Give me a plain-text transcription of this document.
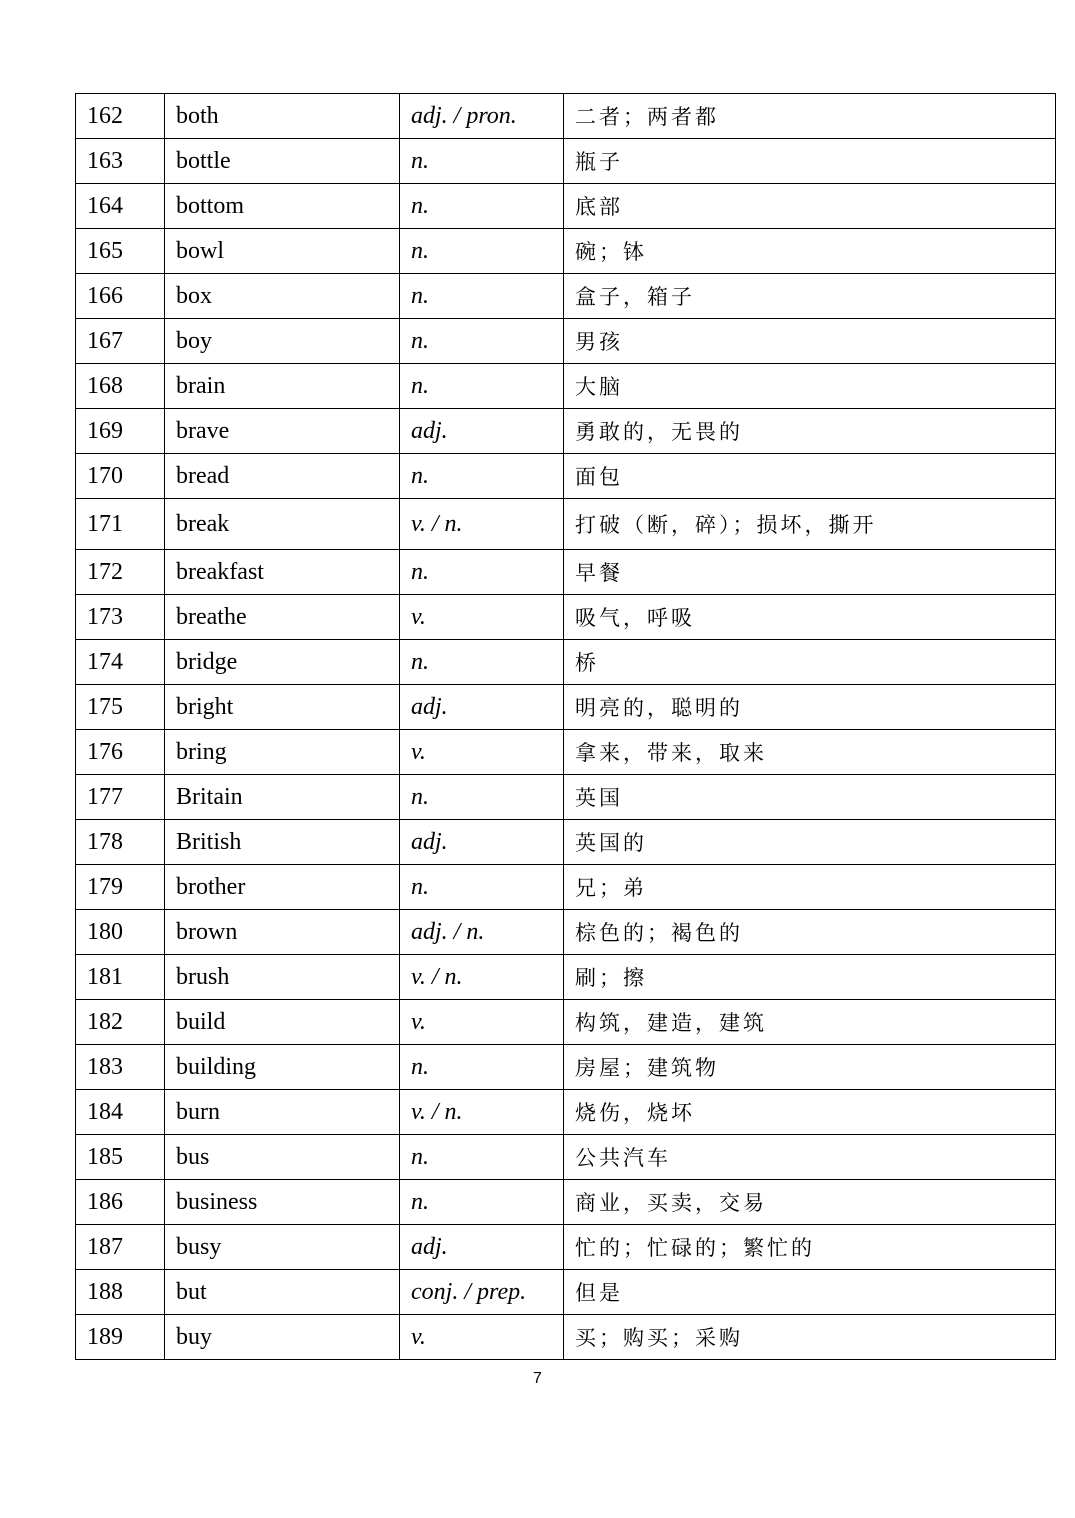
162	both	adj. / pron.	二者；两者都
163	bottle	n.	瓶子
164	bottom	n.	底部
165	bowl	n.	碗；钵
166	box	n.	盒子，箱子
167	boy	n.	男孩
168	brain	n.	大脑
169	brave	adj.	勇敢的，无畏的
170	bread	n.	面包
171	break	v. / n.	打破（断，碎）；损坏，撕开
172	breakfast	n.	早餐
173	breathe	v.	吸气，呼吸
174	bridge	n.	桥
175	bright	adj.	明亮的，聪明的
176	bring	v.	拿来，带来，取来
177	Britain	n.	英国
178	British	adj.	英国的
179	brother	n.	兄；弟
180	brown	adj. / n.	棕色的；褐色的
181	brush	v. / n.	刷；擦
182	build	v.	构筑，建造，建筑
183	building	n.	房屋；建筑物
184	burn	v. / n.	烧伤，烧坏
185	bus	n.	公共汽车
186	business	n.	商业，买卖，交易
187	busy	adj.	忙的；忙碌的；繁忙的
188	but	conj. / prep.	但是
189	buy	v.	买；购买；采购
7
